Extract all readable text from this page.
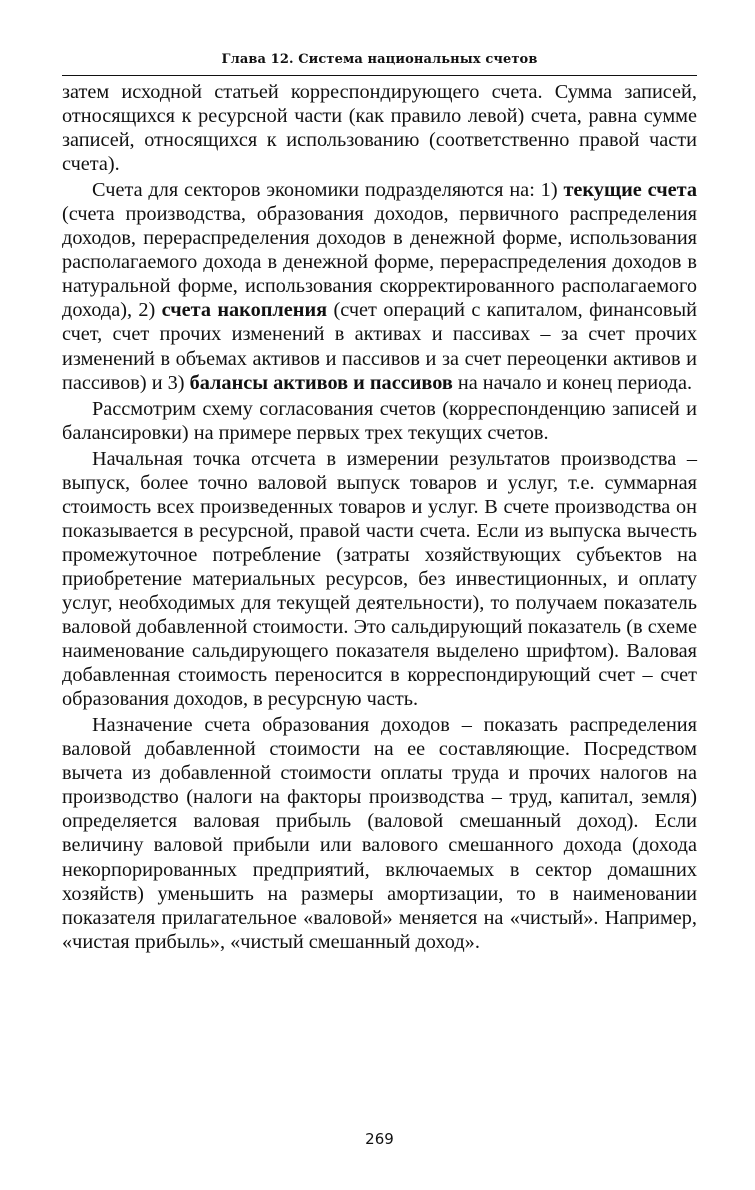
Глава 12. Система национальных счетов

затем исходной статьей корреспондирующего счета. Сумма записей, относящихся к ресурсной части (как правило левой) счета, равна сумме записей, относящихся к использованию (соответственно правой части счета).

Счета для секторов экономики подразделяются на: 1) текущие счета (счета производства, образования доходов, первичного распределения доходов, перераспределения доходов в денежной форме, использования располагаемого дохода в денежной форме, перераспределения доходов в натуральной форме, использования скорректированного располагаемого дохода), 2) счета накопления (счет операций с капиталом, финансовый счет, счет прочих изменений в активах и пассивах – за счет прочих изменений в объемах активов и пассивов и за счет переоценки активов и пассивов) и 3) балансы активов и пассивов на начало и конец периода.

Рассмотрим схему согласования счетов (корреспонденцию записей и балансировки) на примере первых трех текущих счетов.

Начальная точка отсчета в измерении результатов производства – выпуск, более точно валовой выпуск товаров и услуг, т.е. суммарная стоимость всех произведенных товаров и услуг. В счете производства он показывается в ресурсной, правой части счета. Если из выпуска вычесть промежуточное потребление (затраты хозяйствующих субъектов на приобретение материальных ресурсов, без инвестиционных, и оплату услуг, необходимых для текущей деятельности), то получаем показатель валовой добавленной стоимости. Это сальдирующий показатель (в схеме наименование сальдирующего показателя выделено шрифтом). Валовая добавленная стоимость переносится в корреспондирующий счет – счет образования доходов, в ресурсную часть.

Назначение счета образования доходов – показать распределения валовой добавленной стоимости на ее составляющие. Посредством вычета из добавленной стоимости оплаты труда и прочих налогов на производство (налоги на факторы производства – труд, капитал, земля) определяется валовая прибыль (валовой смешанный доход). Если величину валовой прибыли или валового смешанного дохода (дохода некорпорированных предприятий, включаемых в сектор домашних хозяйств) уменьшить на размеры амортизации, то в наименовании показателя прилагательное «валовой» меняется на «чистый». Например, «чистая прибыль», «чистый смешанный доход».

269
